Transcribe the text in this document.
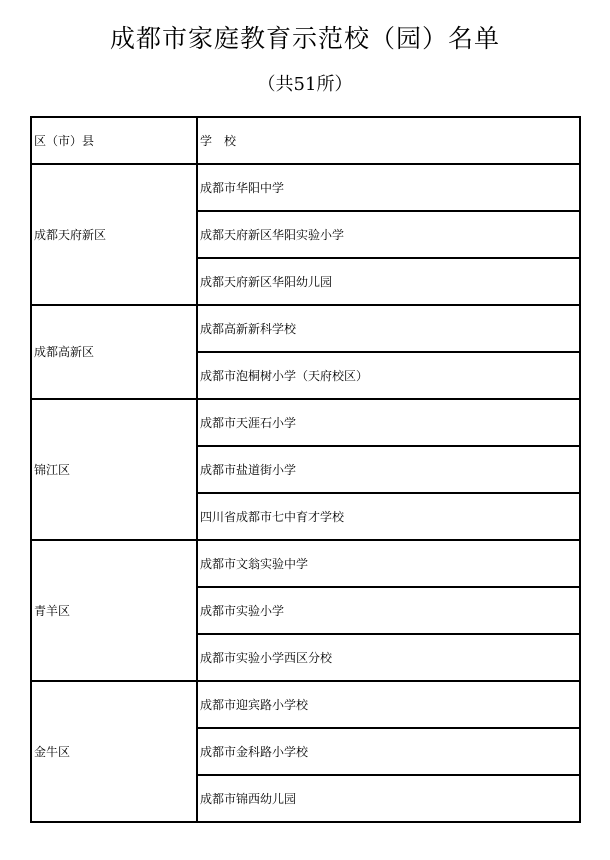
成都市家庭教育示范校（园）名单
（共51所）
区（市）县	学　校
成都天府新区	成都市华阳中学
	成都天府新区华阳实验小学
	成都天府新区华阳幼儿园
成都高新区	成都高新新科学校
	成都市泡桐树小学（天府校区）
锦江区	成都市天涯石小学
	成都市盐道街小学
	四川省成都市七中育才学校
青羊区	成都市文翁实验中学
	成都市实验小学
	成都市实验小学西区分校
金牛区	成都市迎宾路小学校
	成都市金科路小学校
	成都市锦西幼儿园
